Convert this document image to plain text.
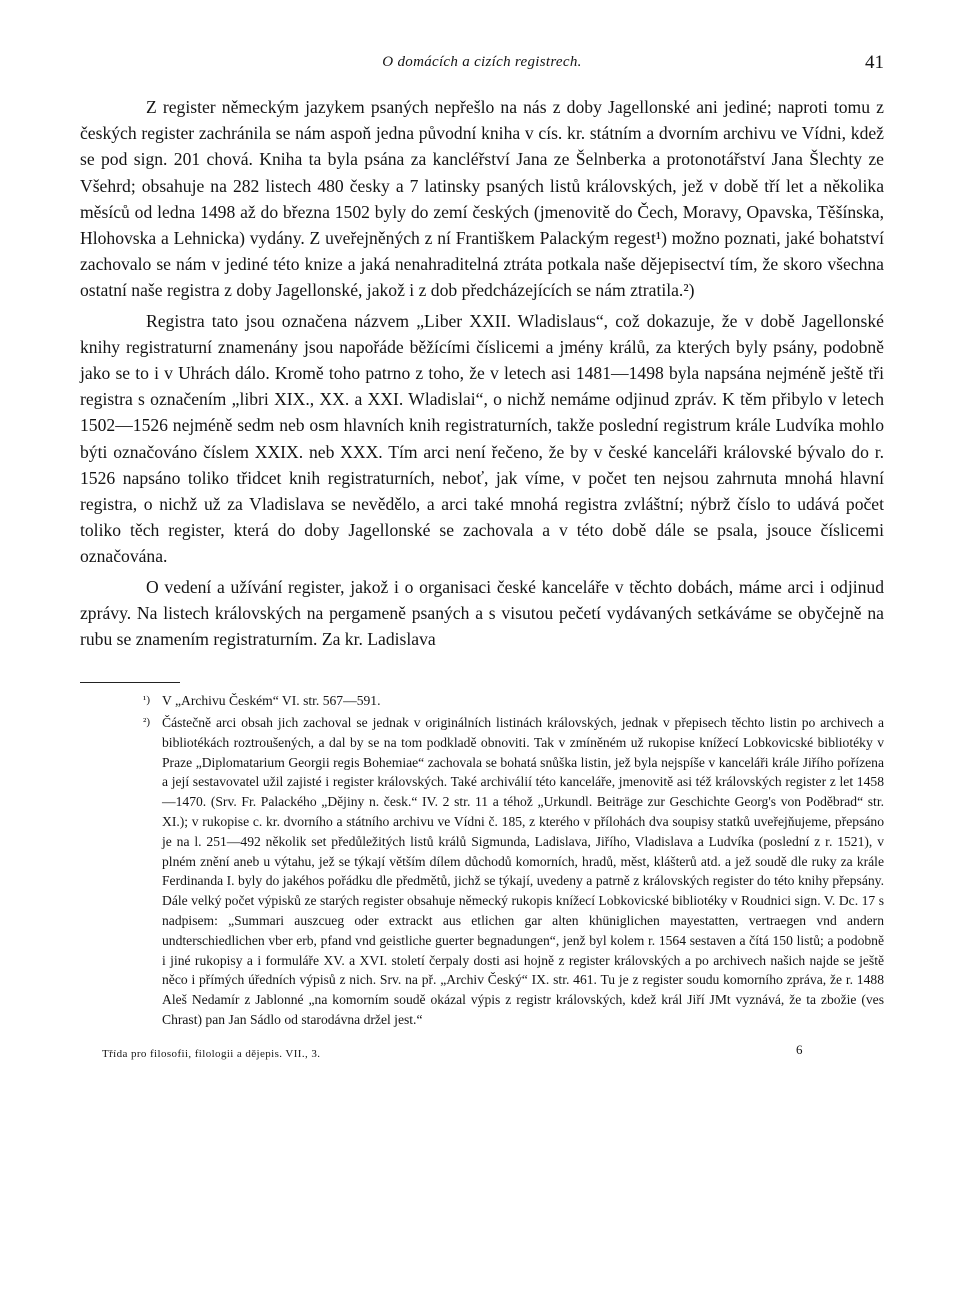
O domácích a cizích registrech.	41

Z register německým jazykem psaných nepřešlo na nás z doby Jagellonské ani jediné; naproti tomu z českých register zachránila se nám aspoň jedna původní kniha v cís. kr. státním a dvorním archivu ve Vídni, kdež se pod sign. 201 chová. Kniha ta byla psána za kancléřství Jana ze Šelnberka a protonotářství Jana Šlechty ze Všehrd; obsahuje na 282 listech 480 česky a 7 latinsky psaných listů královských, jež v době tří let a několika měsíců od ledna 1498 až do března 1502 byly do zemí českých (jmenovitě do Čech, Moravy, Opavska, Těšínska, Hlohovska a Lehnicka) vydány. Z uveřejněných z ní Františkem Palackým regest¹) možno poznati, jaké bohatství zachovalo se nám v jediné této knize a jaká nenahraditelná ztráta potkala naše dějepisectví tím, že skoro všechna ostatní naše registra z doby Jagellonské, jakož i z dob předcházejících se nám ztratila.²)

Registra tato jsou označena názvem „Liber XXII. Wladislaus“, což dokazuje, že v době Jagellonské knihy registraturní znamenány jsou napořáde běžícími číslicemi a jmény králů, za kterých byly psány, podobně jako se to i v Uhrách dálo. Kromě toho patrno z toho, že v letech asi 1481—1498 byla napsána nejméně ještě tři registra s označením „libri XIX., XX. a XXI. Wladislai“, o nichž nemáme odjinud zpráv. K těm přibylo v letech 1502—1526 nejméně sedm neb osm hlavních knih registraturních, takže poslední registrum krále Ludvíka mohlo býti označováno číslem XXIX. neb XXX. Tím arci není řečeno, že by v české kanceláři královské bývalo do r. 1526 napsáno toliko třidcet knih registraturních, neboť, jak víme, v počet ten nejsou zahrnuta mnohá hlavní registra, o nichž už za Vladislava se nevědělo, a arci také mnohá registra zvláštní; nýbrž číslo to udává počet toliko těch register, která do doby Jagellonské se zachovala a v této době dále se psala, jsouce číslicemi označována.

O vedení a užívání register, jakož i o organisaci české kanceláře v těchto dobách, máme arci i odjinud zprávy. Na listech královských na pergameně psaných a s visutou pečetí vydávaných setkáváme se obyčejně na rubu se znamením registraturním. Za kr. Ladislava

¹) V „Archivu Českém“ VI. str. 567—591.
²) Částečně arci obsah jich zachoval se jednak v originálních listinách královských, jednak v přepisech těchto listin po archivech a bibliotékách roztroušených, a dal by se na tom podkladě obnoviti. Tak v zmíněném už rukopise knížecí Lobkovicské bibliotéky v Praze „Diplomatarium Georgii regis Bohemiae“ zachovala se bohatá snůška listin, jež byla nejspíše v kanceláři krále Jiřího pořízena a její sestavovatel užil zajisté i register královských. Také archiválií této kanceláře, jmenovitě asi též královských register z let 1458—1470. (Srv. Fr. Palackého „Dějiny n. česk.“ IV. 2 str. 11 a téhož „Urkundl. Beiträge zur Geschichte Georg's von Poděbrad“ str. XI.); v rukopise c. kr. dvorního a státního archivu ve Vídni č. 185, z kterého v přílohách dva soupisy statků uveřejňujeme, přepsáno je na l. 251—492 několik set předůležitých listů králů Sigmunda, Ladislava, Jiřího, Vladislava a Ludvíka (poslední z r. 1521), v plném znění aneb u výtahu, jež se týkají větším dílem důchodů komorních, hradů, měst, klášterů atd. a jež soudě dle ruky za krále Ferdinanda I. byly do jakéhos pořádku dle předmětů, jichž se týkají, uvedeny a patrně z královských register do této knihy přepsány. Dále velký počet výpisků ze starých register obsahuje německý rukopis knížecí Lobkovicské bibliotéky v Roudnici sign. V. Dc. 17 s nadpisem: „Summari auszcueg oder extrackt aus etlichen gar alten khüniglichen mayestatten, vertraegen vnd andern undterschiedlichen vber erb, pfand vnd geistliche guerter begnadungen“, jenž byl kolem r. 1564 sestaven a čítá 150 listů; a podobně i jiné rukopisy a i formuláře XV. a XVI. století čerpaly dosti asi hojně z register královských a po archivech našich najde se ještě něco i přímých úředních výpisů z nich. Srv. na př. „Archiv Český“ IX. str. 461. Tu je z register soudu komorního zpráva, že r. 1488 Aleš Nedamír z Jablonné „na komorním soudě okázal výpis z registr královských, kdež král Jiří JMt vyznává, že ta zbožie (ves Chrast) pan Jan Sádlo od starodávna držel jest.“
Třída pro filosofii, filologii a dějepis. VII., 3.	6
